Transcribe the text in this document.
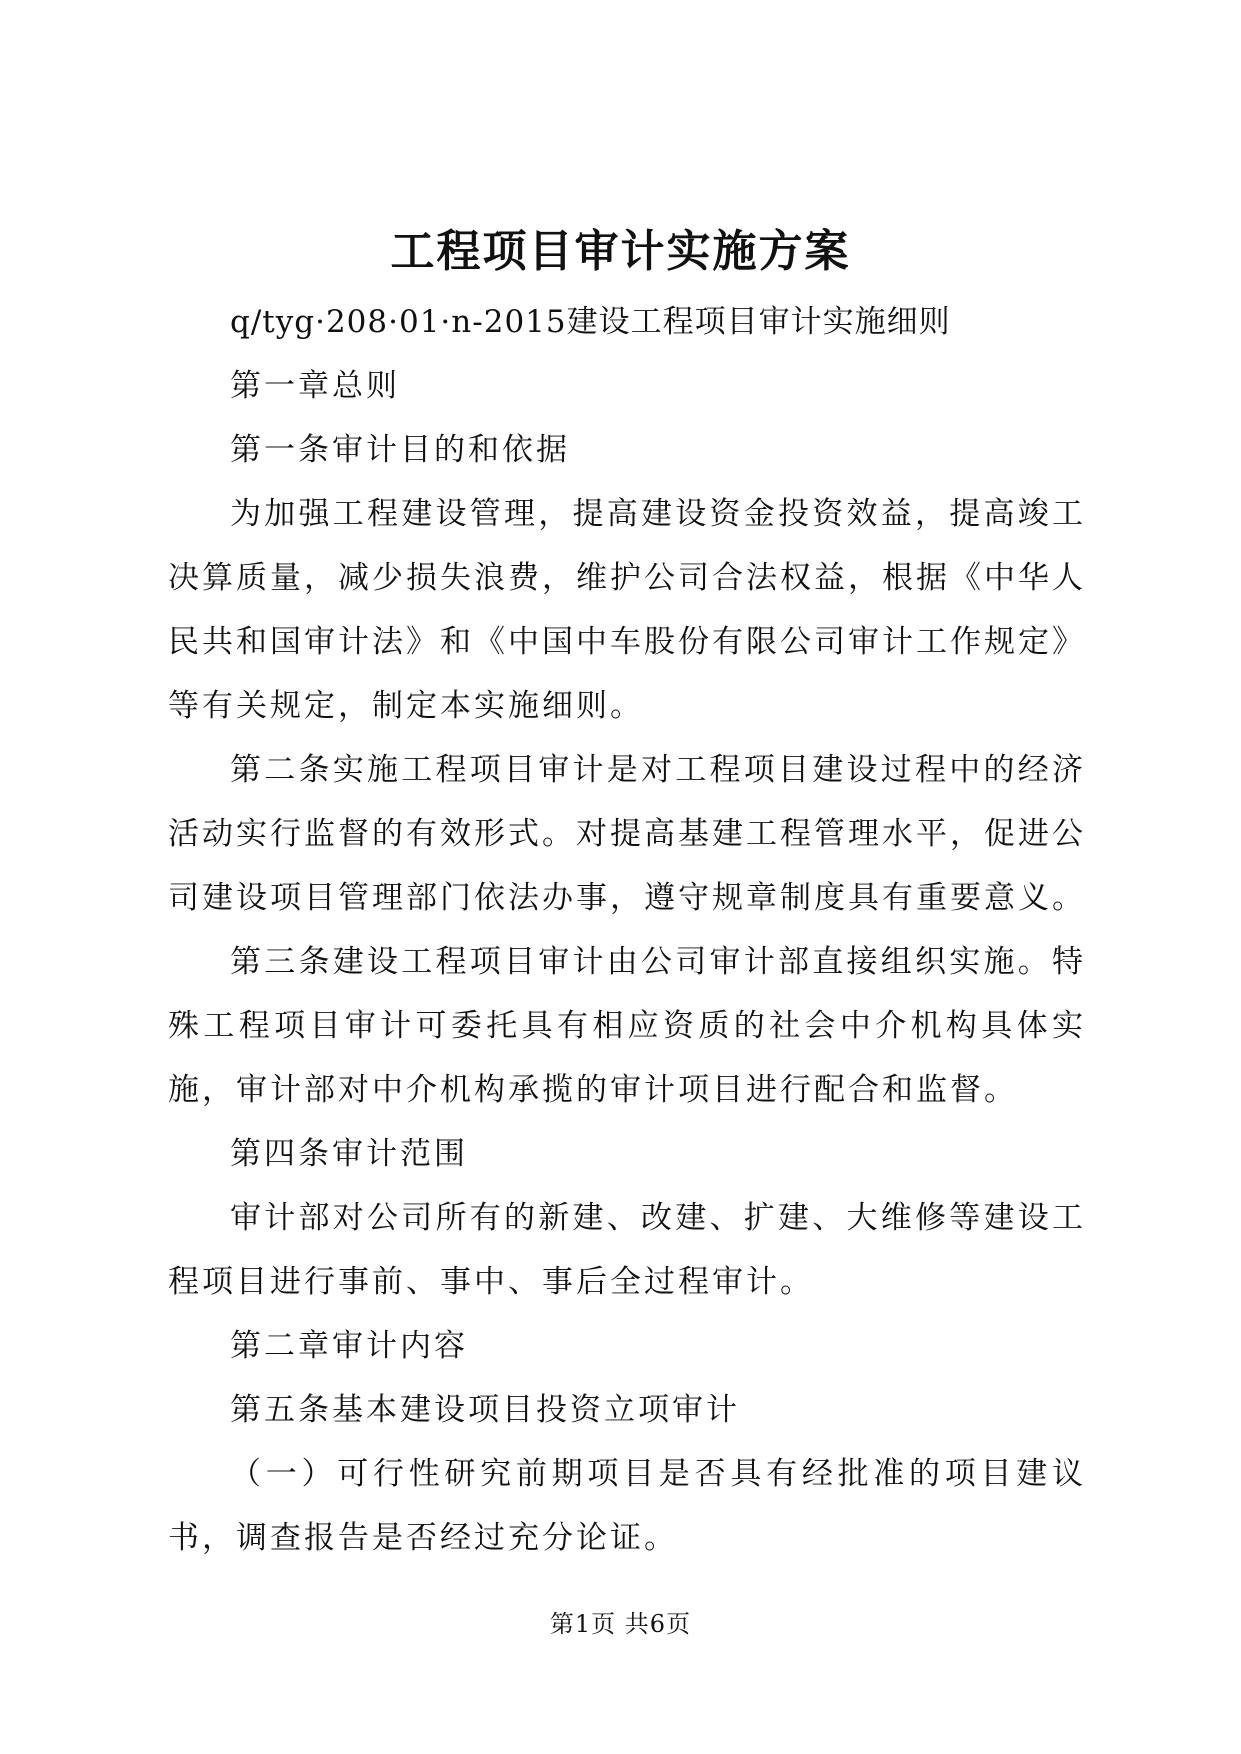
工程项目审计实施方案

q/tyg·208·01·n-2015建设工程项目审计实施细则

第一章总则

第一条审计目的和依据

为加强工程建设管理，提高建设资金投资效益，提高竣工决算质量，减少损失浪费，维护公司合法权益，根据《中华人民共和国审计法》和《中国中车股份有限公司审计工作规定》等有关规定，制定本实施细则。

第二条实施工程项目审计是对工程项目建设过程中的经济活动实行监督的有效形式。对提高基建工程管理水平，促进公司建设项目管理部门依法办事，遵守规章制度具有重要意义。

第三条建设工程项目审计由公司审计部直接组织实施。特殊工程项目审计可委托具有相应资质的社会中介机构具体实施，审计部对中介机构承揽的审计项目进行配合和监督。

第四条审计范围

审计部对公司所有的新建、改建、扩建、大维修等建设工程项目进行事前、事中、事后全过程审计。

第二章审计内容

第五条基本建设项目投资立项审计

（一）可行性研究前期项目是否具有经批准的项目建议书，调查报告是否经过充分论证。

第1页 共6页
